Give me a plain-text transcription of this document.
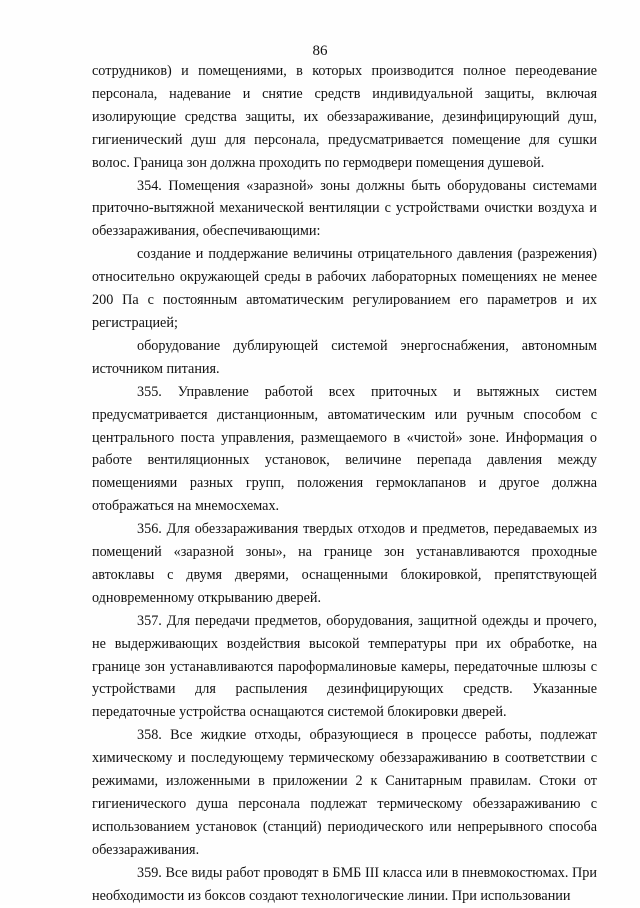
86

сотрудников) и помещениями, в которых производится полное переодевание персонала, надевание и снятие средств индивидуальной защиты, включая изолирующие средства защиты, их обеззараживание, дезинфицирующий душ, гигиенический душ для персонала, предусматривается помещение для сушки волос. Граница зон должна проходить по гермодвери помещения душевой.

354. Помещения «заразной» зоны должны быть оборудованы системами приточно-вытяжной механической вентиляции с устройствами очистки воздуха и обеззараживания, обеспечивающими:

создание и поддержание величины отрицательного давления (разрежения) относительно окружающей среды в рабочих лабораторных помещениях не менее 200 Па с постоянным автоматическим регулированием его параметров и их регистрацией;

оборудование дублирующей системой энергоснабжения, автономным источником питания.

355. Управление работой всех приточных и вытяжных систем предусматривается дистанционным, автоматическим или ручным способом с центрального поста управления, размещаемого в «чистой» зоне. Информация о работе вентиляционных установок, величине перепада давления между помещениями разных групп, положения гермоклапанов и другое должна отображаться на мнемосхемах.

356. Для обеззараживания твердых отходов и предметов, передаваемых из помещений «заразной зоны», на границе зон устанавливаются проходные автоклавы с двумя дверями, оснащенными блокировкой, препятствующей одновременному открыванию дверей.

357. Для передачи предметов, оборудования, защитной одежды и прочего, не выдерживающих воздействия высокой температуры при их обработке, на границе зон устанавливаются пароформалиновые камеры, передаточные шлюзы с устройствами для распыления дезинфицирующих средств. Указанные передаточные устройства оснащаются системой блокировки дверей.

358. Все жидкие отходы, образующиеся в процессе работы, подлежат химическому и последующему термическому обеззараживанию в соответствии с режимами, изложенными в приложении 2 к Санитарным правилам. Стоки от гигиенического душа персонала подлежат термическому обеззараживанию с использованием установок (станций) периодического или непрерывного способа обеззараживания.

359. Все виды работ проводят в БМБ III класса или в пневмокостюмах. При необходимости из боксов создают технологические линии. При использовании
